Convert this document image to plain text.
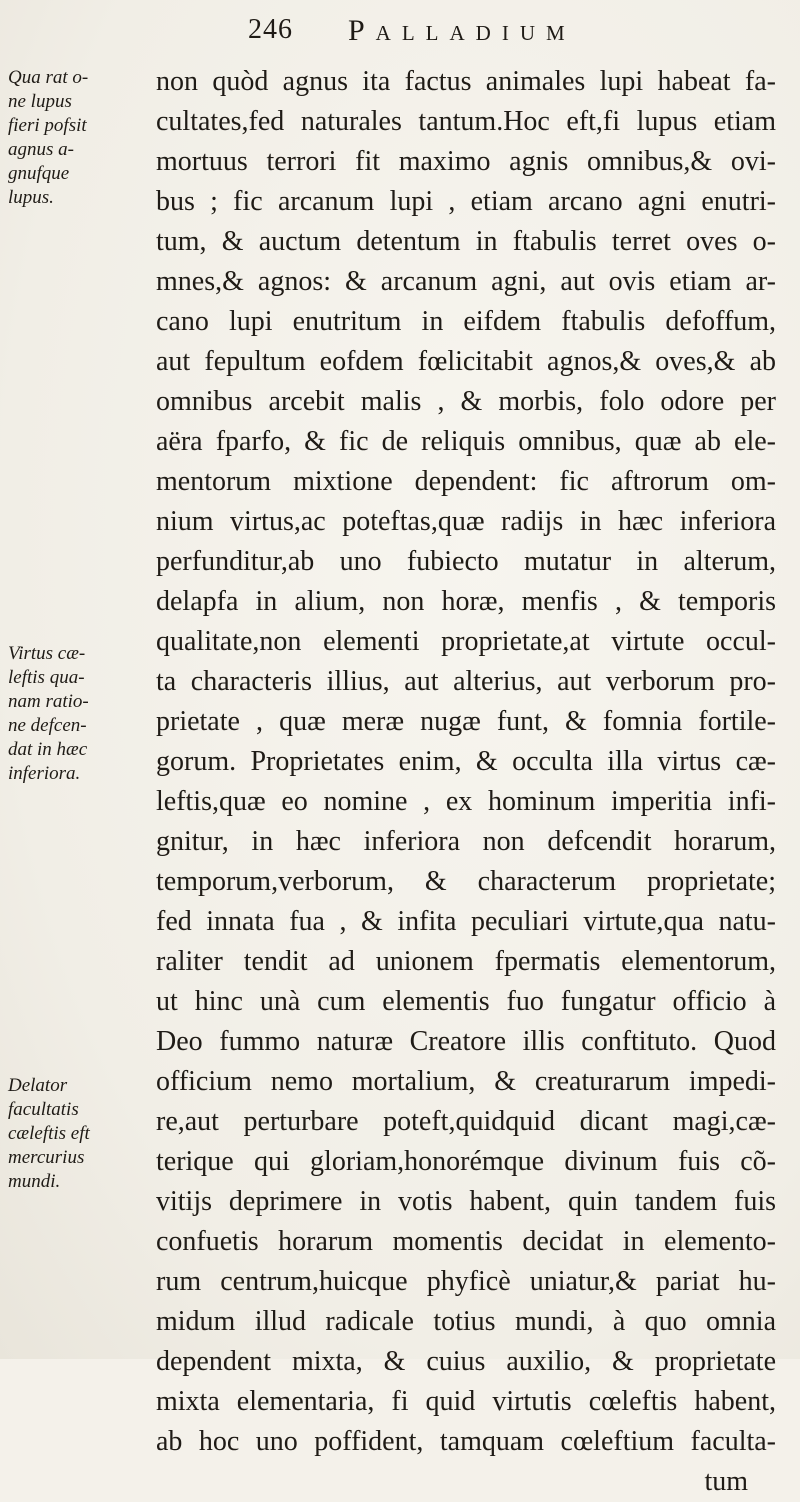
246 Palladium
Qua rat o-
ne lupus
fieri pofsit
agnus a-
gnufque
lupus.
Virtus cæ-
leftis qua-
nam ratio-
ne defcen-
dat in hæc
inferiora.
Delator
facultatis
cæleftis eft
mercurius
mundi.
non quòd agnus ita factus animales lupi habeat fa-
cultates,fed naturales tantum.Hoc eft,fi lupus etiam
mortuus terrori fit maximo agnis omnibus,& ovi-
bus ; fic arcanum lupi , etiam arcano agni enutri-
tum, & auctum detentum in ftabulis terret oves o-
mnes,& agnos: & arcanum agni, aut ovis etiam ar-
cano lupi enutritum in eifdem ftabulis defoffum,
aut fepultum eofdem fœlicitabit agnos,& oves,& ab
omnibus arcebit malis , & morbis, folo odore per
aëra fparfo, & fic de reliquis omnibus, quæ ab ele-
mentorum mixtione dependent: fic aftrorum om-
nium virtus,ac poteftas,quæ radijs in hæc inferiora
perfunditur,ab uno fubiecto mutatur in alterum,
delapfa in alium, non horæ, menfis , & temporis
qualitate,non elementi proprietate,at virtute occul-
ta characteris illius, aut alterius, aut verborum pro-
prietate , quæ meræ nugæ funt, & fomnia fortile-
gorum. Proprietates enim, & occulta illa virtus cæ-
leftis,quæ eo nomine , ex hominum imperitia infi-
gnitur, in hæc inferiora non defcendit horarum,
temporum,verborum, & characterum proprietate;
fed innata fua , & infita peculiari virtute,qua natu-
raliter tendit ad unionem fpermatis elementorum,
ut hinc unà cum elementis fuo fungatur officio à
Deo fummo naturæ Creatore illis conftituto. Quod
officium nemo mortalium, & creaturarum impedi-
re,aut perturbare poteft,quidquid dicant magi,cæ-
terique qui gloriam,honorémque divinum fuis cõ-
vitijs deprimere in votis habent, quin tandem fuis
confuetis horarum momentis decidat in elemento-
rum centrum,huicque phyficè uniatur,& pariat hu-
midum illud radicale totius mundi, à quo omnia
dependent mixta, & cuius auxilio, & proprietate
mixta elementaria, fi quid virtutis cœleftis habent,
ab hoc uno poffident, tamquam cœleftium faculta-
tum
